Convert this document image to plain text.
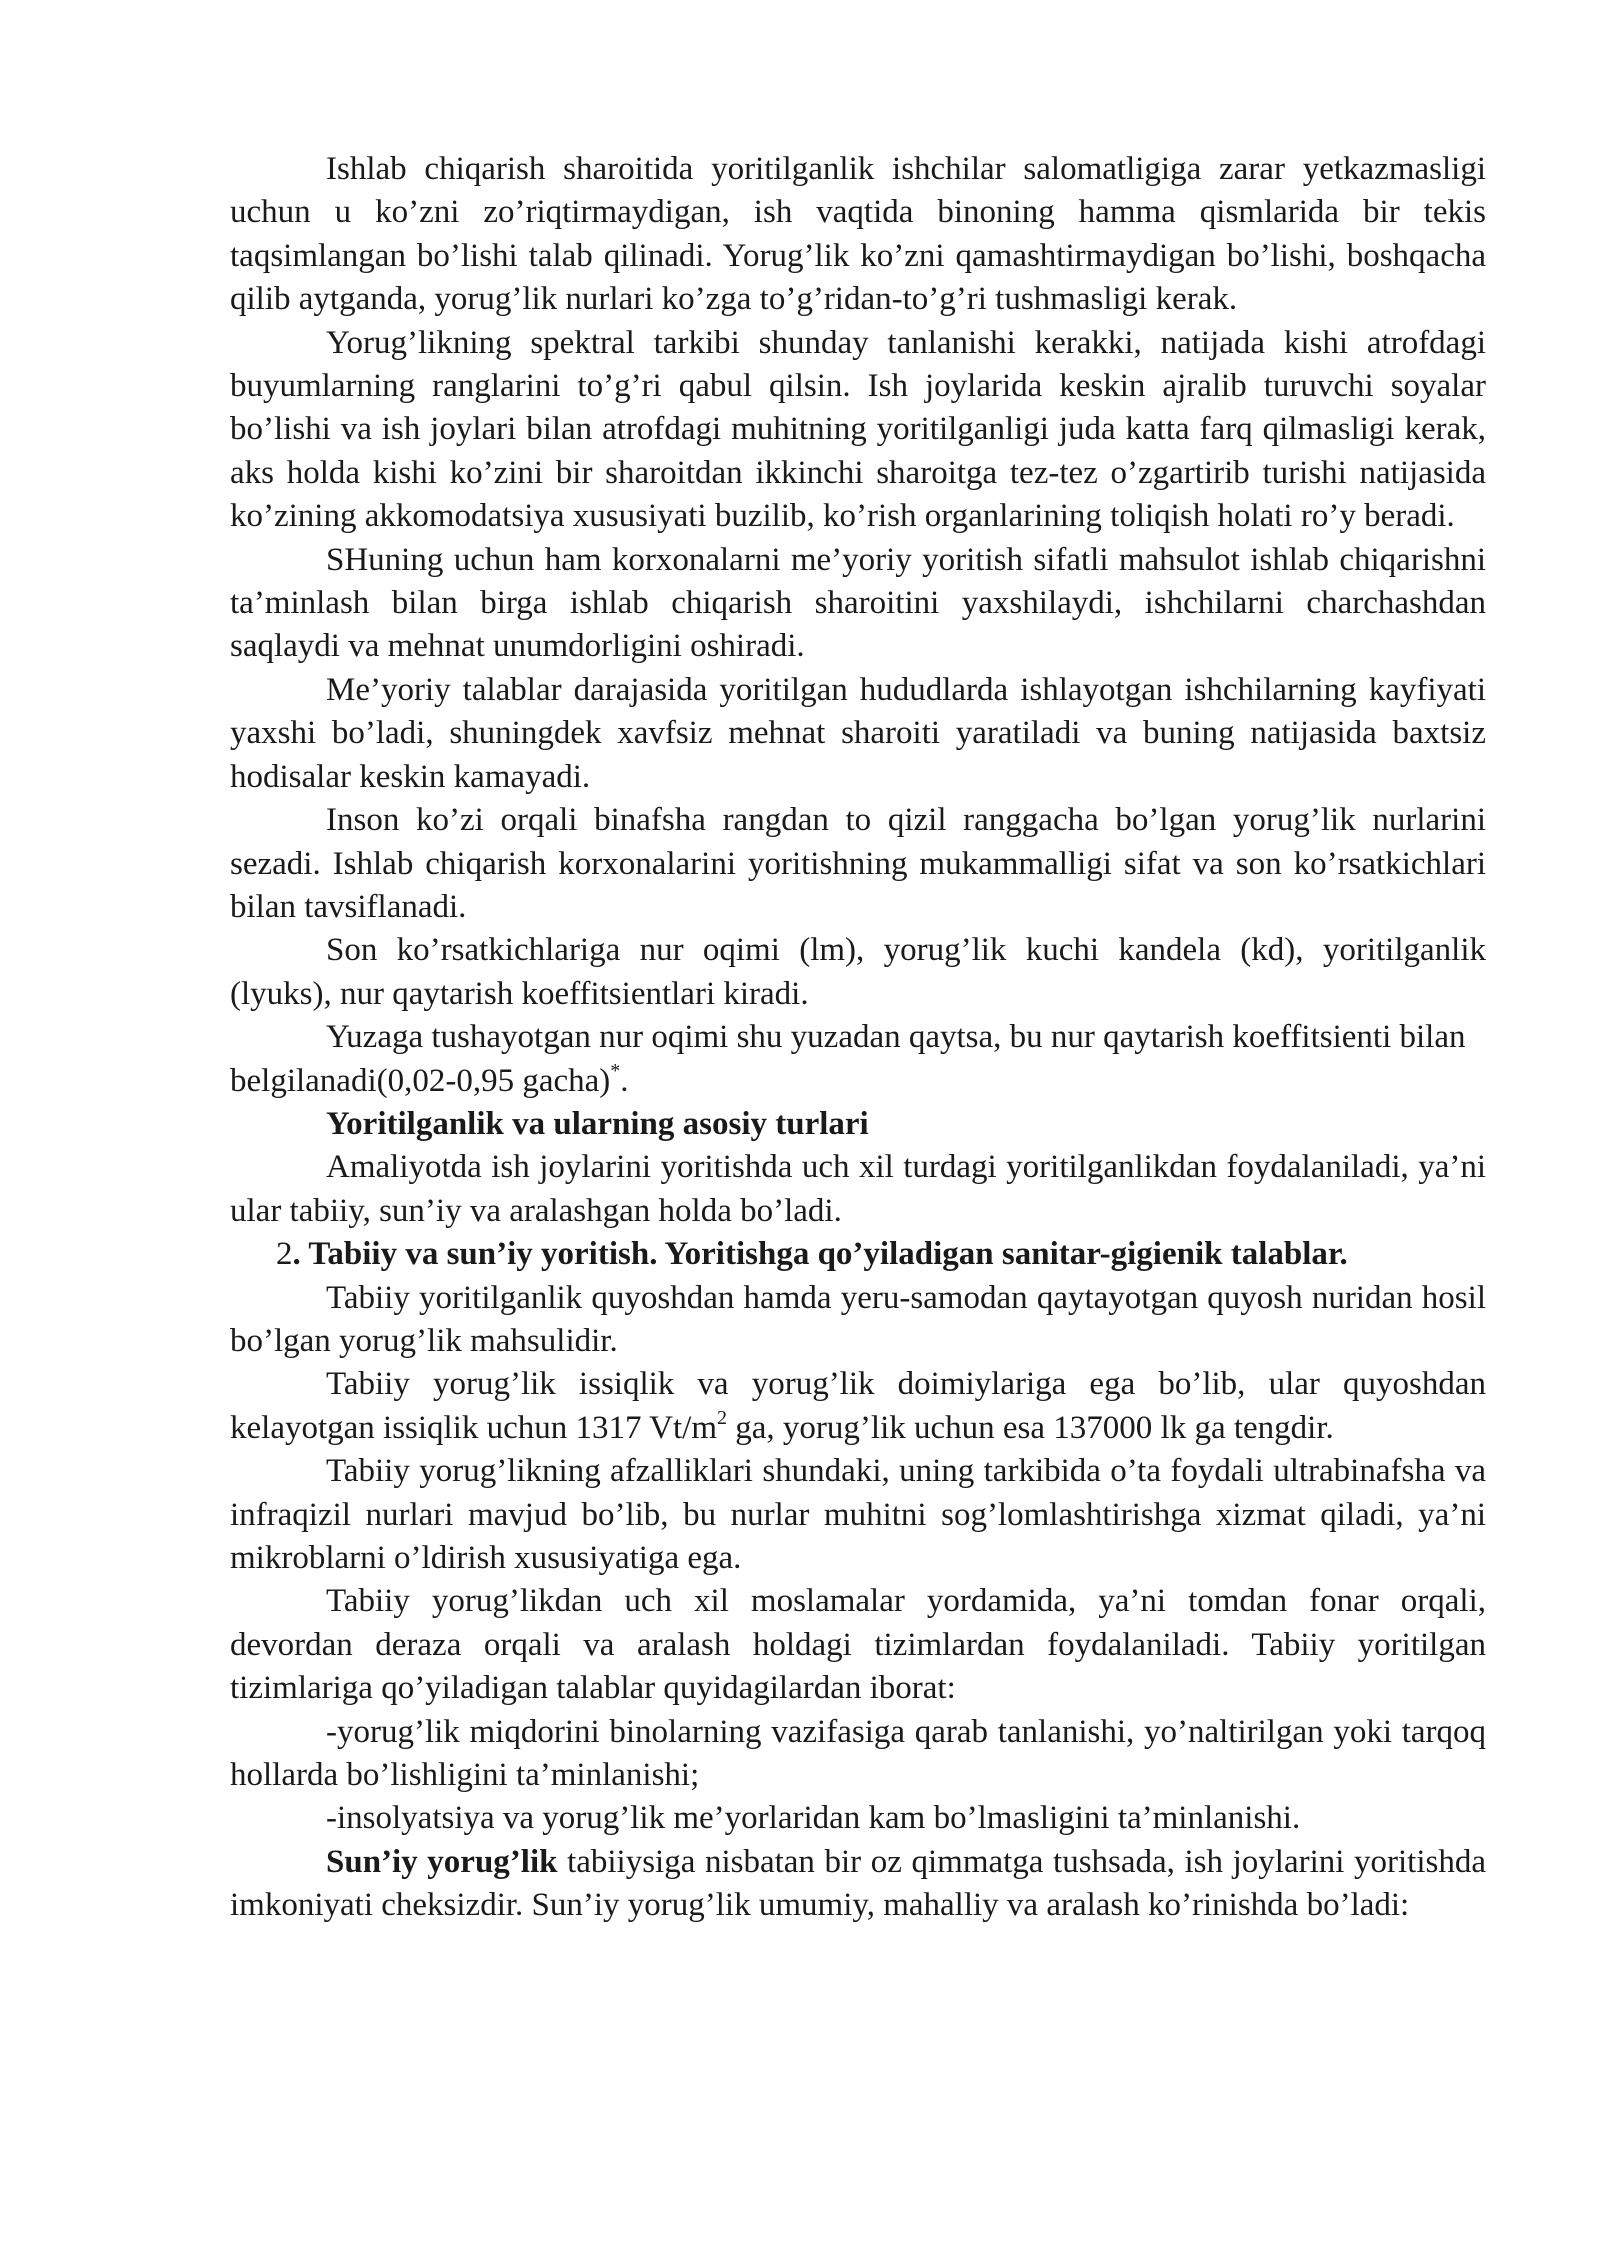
Ishlab chiqarish sharoitida yoritilganlik ishchilar salomatligiga zarar yetkazmasligi uchun u ko’zni zo’riqtirmaydigan, ish vaqtida binoning hamma qismlarida bir tekis taqsimlangan bo’lishi talab qilinadi. Yorug’lik ko’zni qamashtirmaydigan bo’lishi, boshqacha qilib aytganda, yorug’lik nurlari ko’zga to’g’ridan-to’g’ri tushmasligi kerak.

Yorug’likning spektral tarkibi shunday tanlanishi kerakki, natijada kishi atrofdagi buyumlarning ranglarini to’g’ri qabul qilsin. Ish joylarida keskin ajralib turuvchi soyalar bo’lishi va ish joylari bilan atrofdagi muhitning yoritilganligi juda katta farq qilmasligi kerak, aks holda kishi ko’zini bir sharoitdan ikkinchi sharoitga tez-tez o’zgartirib turishi natijasida ko’zining akkomodatsiya xususiyati buzilib, ko’rish organlarining toliqish holati ro’y beradi.

SHuning uchun ham korxonalarni me’yoriy yoritish sifatli mahsulot ishlab chiqarishni ta’minlash bilan birga ishlab chiqarish sharoitini yaxshilaydi, ishchilarni charchashdan saqlaydi va mehnat unumdorligini oshiradi.

Me’yoriy talablar darajasida yoritilgan hududlarda ishlayotgan ishchilarning kayfiyati yaxshi bo’ladi, shuningdek xavfsiz mehnat sharoiti yaratiladi va buning natijasida baxtsiz hodisalar keskin kamayadi.

Inson ko’zi orqali binafsha rangdan to qizil ranggacha bo’lgan yorug’lik nurlarini sezadi. Ishlab chiqarish korxonalarini yoritishning mukammalligi sifat va son ko’rsatkichlari bilan tavsiflanadi.

Son ko’rsatkichlariga nur oqimi (lm), yorug’lik kuchi kandela (kd), yoritilganlik (lyuks), nur qaytarish koeffitsientlari kiradi.

Yuzaga tushayotgan nur oqimi shu yuzadan qaytsa, bu nur qaytarish koeffitsienti bilan belgilanadi(0,02-0,95 gacha)*.

Yoritilganlik va ularning asosiy turlari

Amaliyotda ish joylarini yoritishda uch xil turdagi yoritilganlikdan foydalaniladi, ya’ni ular tabiiy, sun’iy va aralashgan holda bo’ladi.

2. Tabiiy va sun’iy yoritish. Yoritishga qo’yiladigan sanitar-gigienik talablar.

Tabiiy yoritilganlik quyoshdan hamda yeru-samodan qaytayotgan quyosh nuridan hosil bo’lgan yorug’lik mahsulidir.

Tabiiy yorug’lik issiqlik va yorug’lik doimiylariga ega bo’lib, ular quyoshdan kelayotgan issiqlik uchun 1317 $Vt/m^2$ ga, yorug’lik uchun esa 137000 lk ga tengdir.

Tabiiy yorug’likning afzalliklari shundaki, uning tarkibida o’ta foydali ultrabinafsha va infraqizil nurlari mavjud bo’lib, bu nurlar muhitni sog’lomlashtirishga xizmat qiladi, ya’ni mikroblarni o’ldirish xususiyatiga ega.

Tabiiy yorug’likdan uch xil moslamalar yordamida, ya’ni tomdan fonar orqali, devordan deraza orqali va aralash holdagi tizimlardan foydalaniladi. Tabiiy yoritilgan tizimlariga qo’yiladigan talablar quyidagilardan iborat:

-yorug’lik miqdorini binolarning vazifasiga qarab tanlanishi, yo’naltirilgan yoki tarqoq hollarda bo’lishligini ta’minlanishi;

-insolyatsiya va yorug’lik me’yorlaridan kam bo’lmasligini ta’minlanishi.

Sun’iy yorug’lik tabiiysiga nisbatan bir oz qimmatga tushsada, ish joylarini yoritishda imkoniyati cheksizdir. Sun’iy yorug’lik umumiy, mahalliy va aralash ko’rinishda bo’ladi:
